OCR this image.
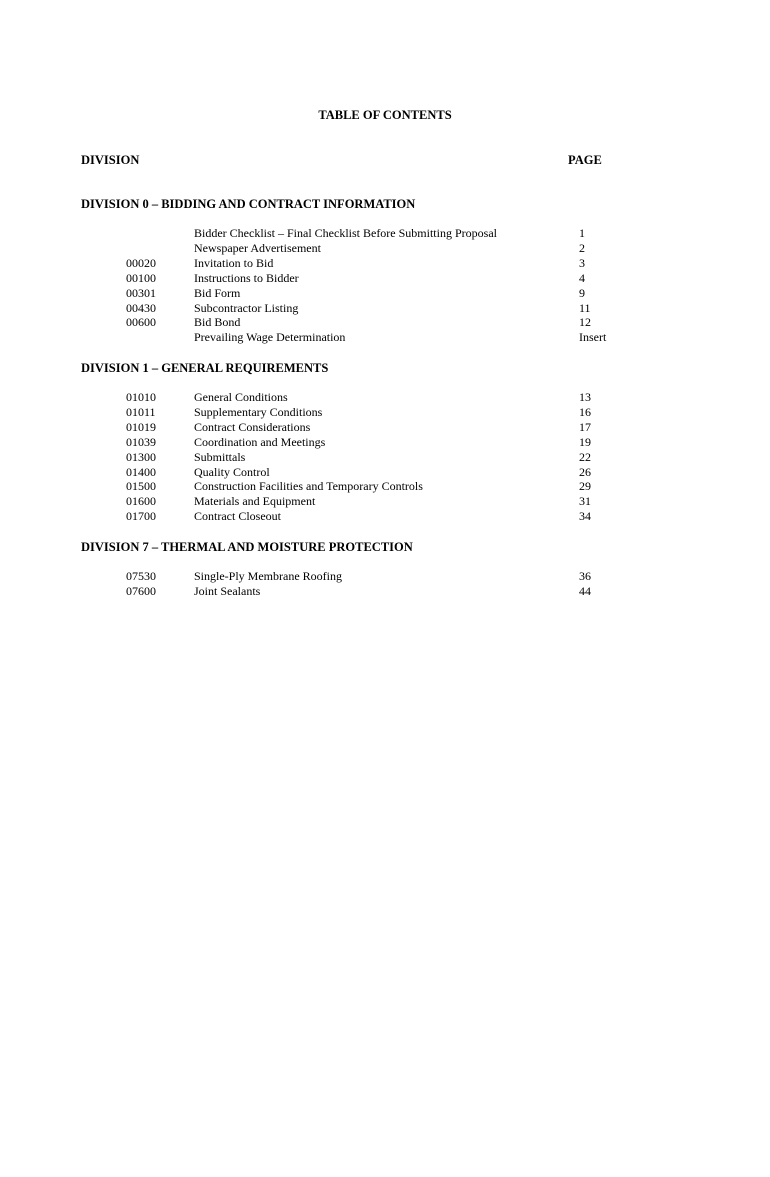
TABLE OF CONTENTS
DIVISION	PAGE
DIVISION 0 – BIDDING AND CONTRACT INFORMATION
Bidder Checklist – Final Checklist Before Submitting Proposal	1
Newspaper Advertisement	2
00020	Invitation to Bid	3
00100	Instructions to Bidder	4
00301	Bid Form	9
00430	Subcontractor Listing	11
00600	Bid Bond	12
Prevailing Wage Determination	Insert
DIVISION 1 – GENERAL REQUIREMENTS
01010	General Conditions	13
01011	Supplementary Conditions	16
01019	Contract Considerations	17
01039	Coordination and Meetings	19
01300	Submittals	22
01400	Quality Control	26
01500	Construction Facilities and Temporary Controls	29
01600	Materials and Equipment	31
01700	Contract Closeout	34
DIVISION 7 – THERMAL AND MOISTURE PROTECTION
07530	Single-Ply Membrane Roofing	36
07600	Joint Sealants	44
